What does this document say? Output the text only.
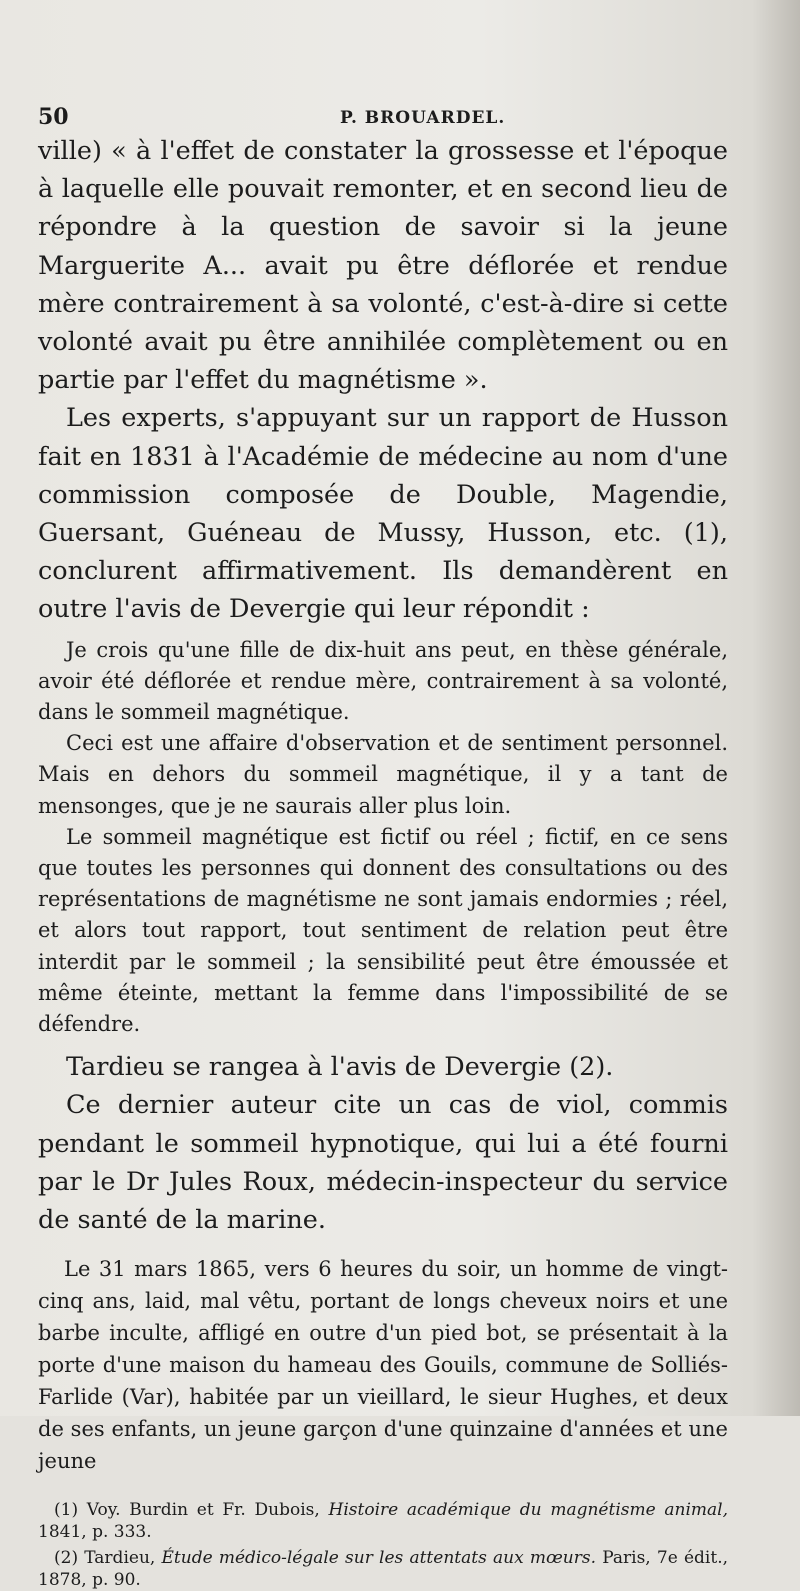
50	P. BROUARDEL.

ville) « à l'effet de constater la grossesse et l'époque à laquelle elle pouvait remonter, et en second lieu de répondre à la question de savoir si la jeune Marguerite A... avait pu être déflorée et rendue mère contrairement à sa volonté, c'est-à-dire si cette volonté avait pu être annihilée complètement ou en partie par l'effet du magnétisme ».

Les experts, s'appuyant sur un rapport de Husson fait en 1831 à l'Académie de médecine au nom d'une commission composée de Double, Magendie, Guersant, Guéneau de Mussy, Husson, etc. (1), conclurent affirmativement. Ils demandèrent en outre l'avis de Devergie qui leur répondit :

Je crois qu'une fille de dix-huit ans peut, en thèse générale, avoir été déflorée et rendue mère, contrairement à sa volonté, dans le sommeil magnétique.

Ceci est une affaire d'observation et de sentiment personnel. Mais en dehors du sommeil magnétique, il y a tant de mensonges, que je ne saurais aller plus loin.

Le sommeil magnétique est fictif ou réel ; fictif, en ce sens que toutes les personnes qui donnent des consultations ou des représentations de magnétisme ne sont jamais endormies ; réel, et alors tout rapport, tout sentiment de relation peut être interdit par le sommeil ; la sensibilité peut être émoussée et même éteinte, mettant la femme dans l'impossibilité de se défendre.

Tardieu se rangea à l'avis de Devergie (2).

Ce dernier auteur cite un cas de viol, commis pendant le sommeil hypnotique, qui lui a été fourni par le Dr Jules Roux, médecin-inspecteur du service de santé de la marine.

Le 31 mars 1865, vers 6 heures du soir, un homme de vingt-cinq ans, laid, mal vêtu, portant de longs cheveux noirs et une barbe inculte, affligé en outre d'un pied bot, se présentait à la porte d'une maison du hameau des Gouils, commune de Solliés-Farlide (Var), habitée par un vieillard, le sieur Hughes, et deux de ses enfants, un jeune garçon d'une quinzaine d'années et une jeune

(1) Voy. Burdin et Fr. Dubois, Histoire académique du magnétisme animal, 1841, p. 333.

(2) Tardieu, Étude médico-légale sur les attentats aux mœurs. Paris, 7e édit., 1878, p. 90.
